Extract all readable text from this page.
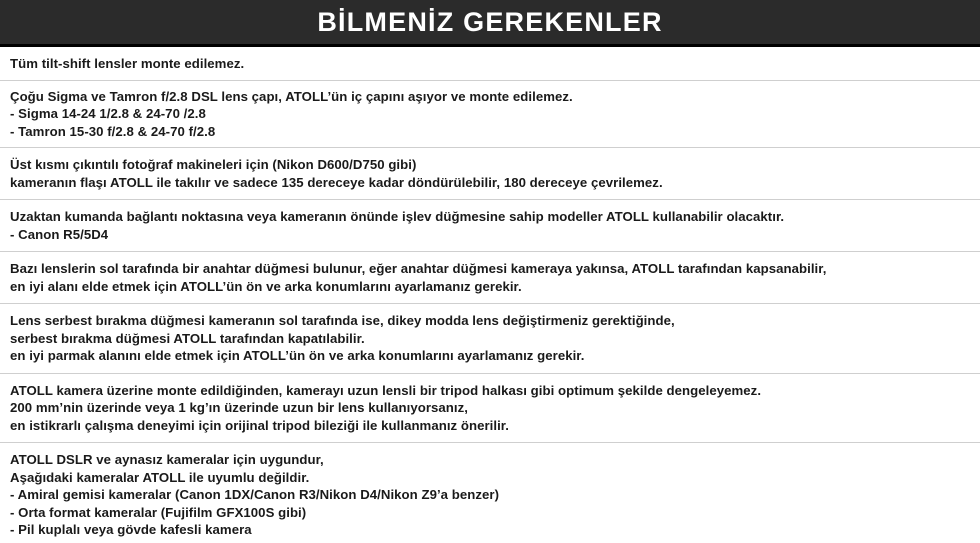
BİLMENİZ GEREKENLER
Tüm tilt-shift lensler monte edilemez.
Çoğu Sigma ve Tamron f/2.8 DSL lens çapı, ATOLL’ün iç çapını aşıyor ve monte edilemez.
- Sigma 14-24 1/2.8 & 24-70 /2.8
- Tamron 15-30 f/2.8 & 24-70 f/2.8
Üst kısmı çıkıntılı fotoğraf makineleri için (Nikon D600/D750 gibi)
kameranın flaşı ATOLL ile takılır ve sadece 135 dereceye kadar döndürülebilir, 180 dereceye çevrilemez.
Uzaktan kumanda bağlantı noktasına veya kameranın önünde işlev düğmesine sahip modeller ATOLL kullanabilir olacaktır.
- Canon R5/5D4
Bazı lenslerin sol tarafında bir anahtar düğmesi bulunur, eğer anahtar düğmesi kameraya yakınsa, ATOLL tarafından kapsanabilir,
en iyi alanı elde etmek için ATOLL’ün ön ve arka konumlarını ayarlamanız gerekir.
Lens serbest bırakma düğmesi kameranın sol tarafında ise, dikey modda lens değiştirmeniz gerektiğinde,
serbest bırakma düğmesi ATOLL tarafından kapatılabilir.
en iyi parmak alanını elde etmek için ATOLL’ün ön ve arka konumlarını ayarlamanız gerekir.
ATOLL kamera üzerine monte edildiğinden, kamerayı uzun lensli bir tripod halkası gibi optimum şekilde dengeleyemez.
200 mm’nin üzerinde veya 1 kg’ın üzerinde uzun bir lens kullanıyorsanız,
en istikrarlı çalışma deneyimi için orijinal tripod bileziği ile kullanmanız önerilir.
ATOLL DSLR ve aynasız kameralar için uygundur,
Aşağıdaki kameralar ATOLL ile uyumlu değildir.
- Amiral gemisi kameralar (Canon 1DX/Canon R3/Nikon D4/Nikon Z9’a benzer)
- Orta format kameralar (Fujifilm GFX100S gibi)
- Pil kuplalı veya gövde kafesli kamera
